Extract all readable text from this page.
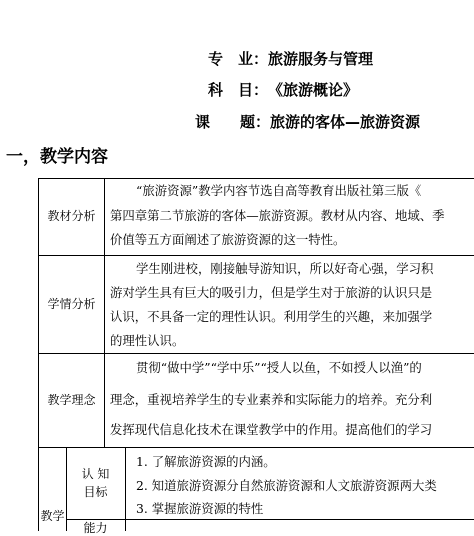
专　业：旅游服务与管理
科　目：《旅游概论》
课　　题：旅游的客体—旅游资源
一，教学内容
教材分析
“旅游资源”教学内容节选自高等教育出版社第三版《
第四章第二节旅游的客体—旅游资源。教材从内容、地域、季
价值等五方面阐述了旅游资源的这一特性。
学情分析
学生刚进校，刚接触导游知识，所以好奇心强，学习积
游对学生具有巨大的吸引力，但是学生对于旅游的认识只是
认识，不具备一定的理性认识。利用学生的兴趣，来加强学
的理性认识。
教学理念
贯彻“做中学”“学中乐”“授人以鱼，不如授人以渔”的
理念，重视培养学生的专业素养和实际能力的培养。充分利
发挥现代信息化技术在课堂教学中的作用。提高他们的学习
教学
认 知
目标
能力
1. 了解旅游资源的内涵。
2. 知道旅游资源分自然旅游资源和人文旅游资源两大类
3. 掌握旅游资源的特性
